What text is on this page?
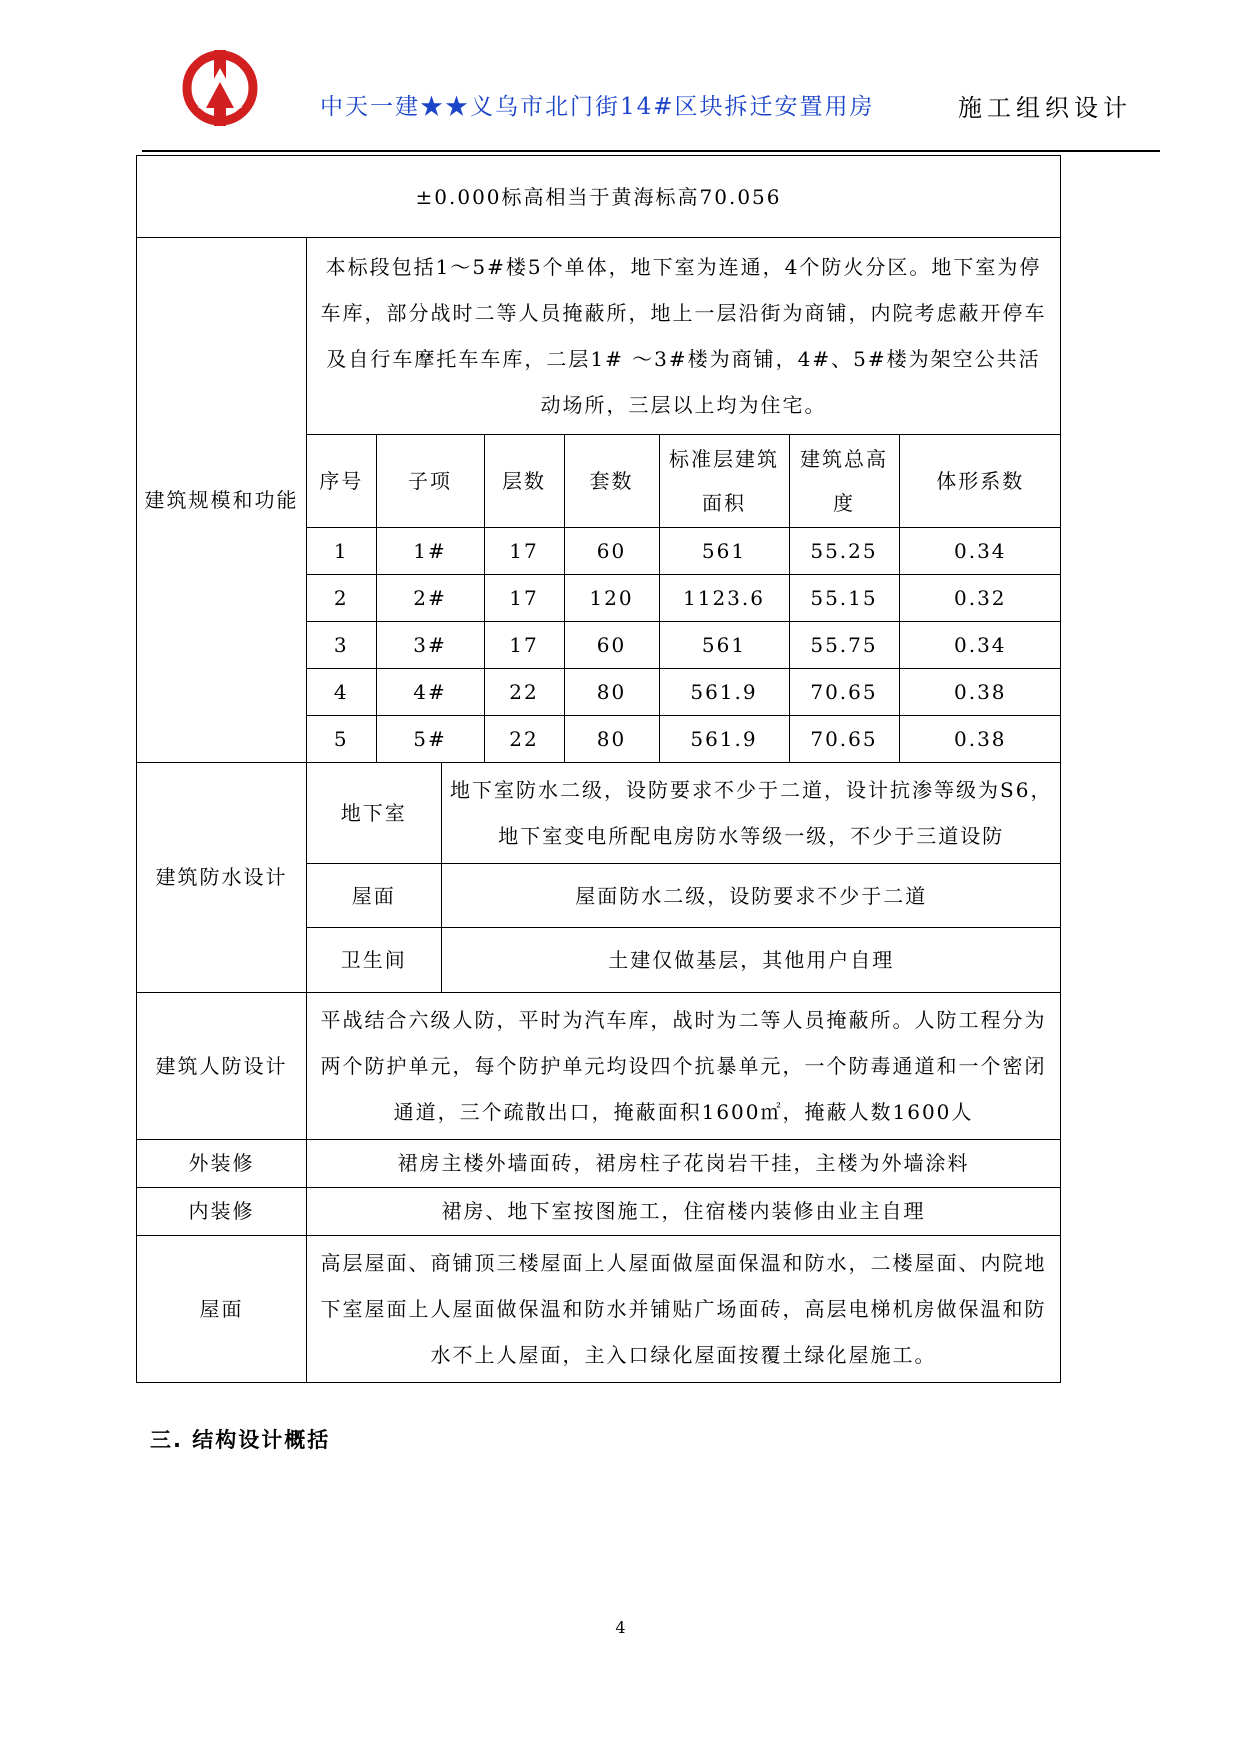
中天一建★★义乌市北门街14#区块拆迁安置用房	施工组织设计
±0.000标高相当于黄海标高70.056
建筑规模和功能	
本标段包括1～5#楼5个单体，地下室为连通，4个防火分区。地下室为停车库，部分战时二等人员掩蔽所，地上一层沿街为商铺，内院考虑蔽开停车及自行车摩托车车库，二层1# ～3#楼为商铺，4#、5#楼为架空公共活动场所，三层以上均为住宅。
序号	子项	层数	套数	标准层建筑面积	建筑总高度	体形系数
1	1#	17	60	561	55.25	0.34
2	2#	17	120	1123.6	55.15	0.32
3	3#	17	60	561	55.75	0.34
4	4#	22	80	561.9	70.65	0.38
5	5#	22	80	561.9	70.65	0.38

建筑防水设计	
地下室	地下室防水二级，设防要求不少于二道，设计抗渗等级为S6，地下室变电所配电房防水等级一级，不少于三道设防
屋面	屋面防水二级，设防要求不少于二道
卫生间	土建仅做基层，其他用户自理

建筑人防设计	平战结合六级人防，平时为汽车库，战时为二等人员掩蔽所。人防工程分为两个防护单元，每个防护单元均设四个抗暴单元，一个防毒通道和一个密闭通道，三个疏散出口，掩蔽面积1600㎡，掩蔽人数1600人
外装修	裙房主楼外墙面砖，裙房柱子花岗岩干挂，主楼为外墙涂料
内装修	裙房、地下室按图施工，住宿楼内装修由业主自理
屋面	高层屋面、商铺顶三楼屋面上人屋面做屋面保温和防水，二楼屋面、内院地下室屋面上人屋面做保温和防水并铺贴广场面砖，高层电梯机房做保温和防水不上人屋面，主入口绿化屋面按覆土绿化屋施工。
三. 结构设计概括
4
